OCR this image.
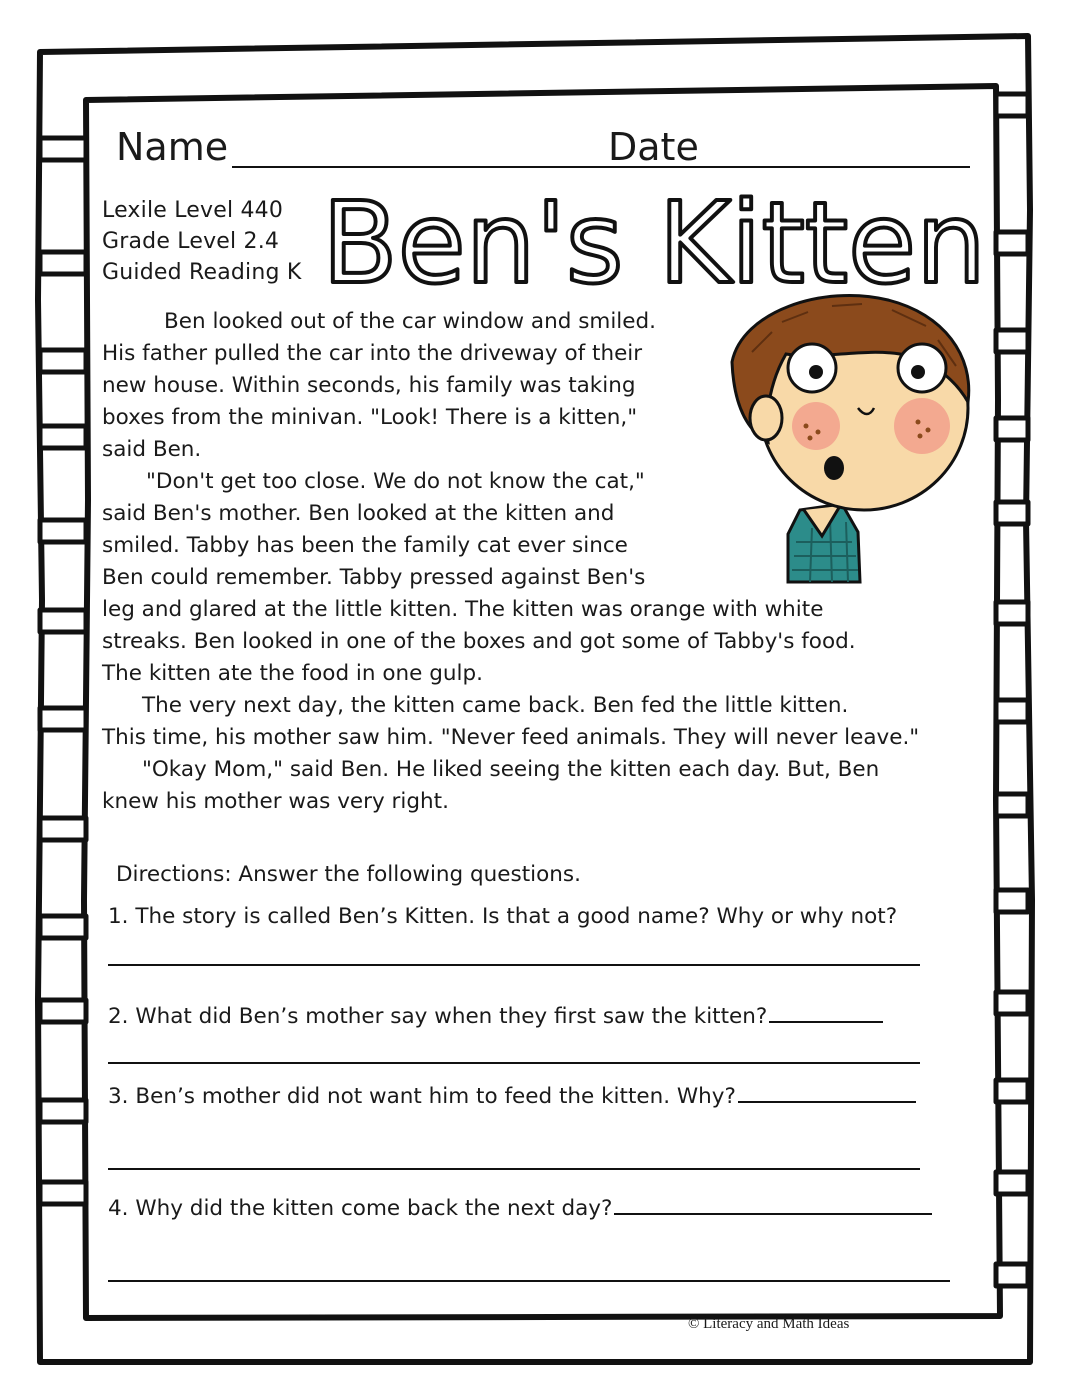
Name	Date
Lexile Level 440
Grade Level 2.4
Guided Reading K Ben's Kitten
Ben looked out of the car window and smiled.
His father pulled the car into the driveway of their
new house. Within seconds, his family was taking
boxes from the minivan. "Look! There is a kitten,"
said Ben.
"Don't get too close. We do not know the cat,"
said Ben's mother. Ben looked at the kitten and
smiled. Tabby has been the family cat ever since
Ben could remember. Tabby pressed against Ben's
leg and glared at the little kitten. The kitten was orange with white
streaks. Ben looked in one of the boxes and got some of Tabby's food.
The kitten ate the food in one gulp.
The very next day, the kitten came back. Ben fed the little kitten.
This time, his mother saw him. "Never feed animals. They will never leave."
"Okay Mom," said Ben. He liked seeing the kitten each day. But, Ben
knew his mother was very right.
Directions: Answer the following questions.
1. The story is called Ben’s Kitten. Is that a good name? Why or why not?
2. What did Ben’s mother say when they first saw the kitten?
3. Ben’s mother did not want him to feed the kitten. Why?
4. Why did the kitten come back the next day?
© Literacy and Math Ideas
